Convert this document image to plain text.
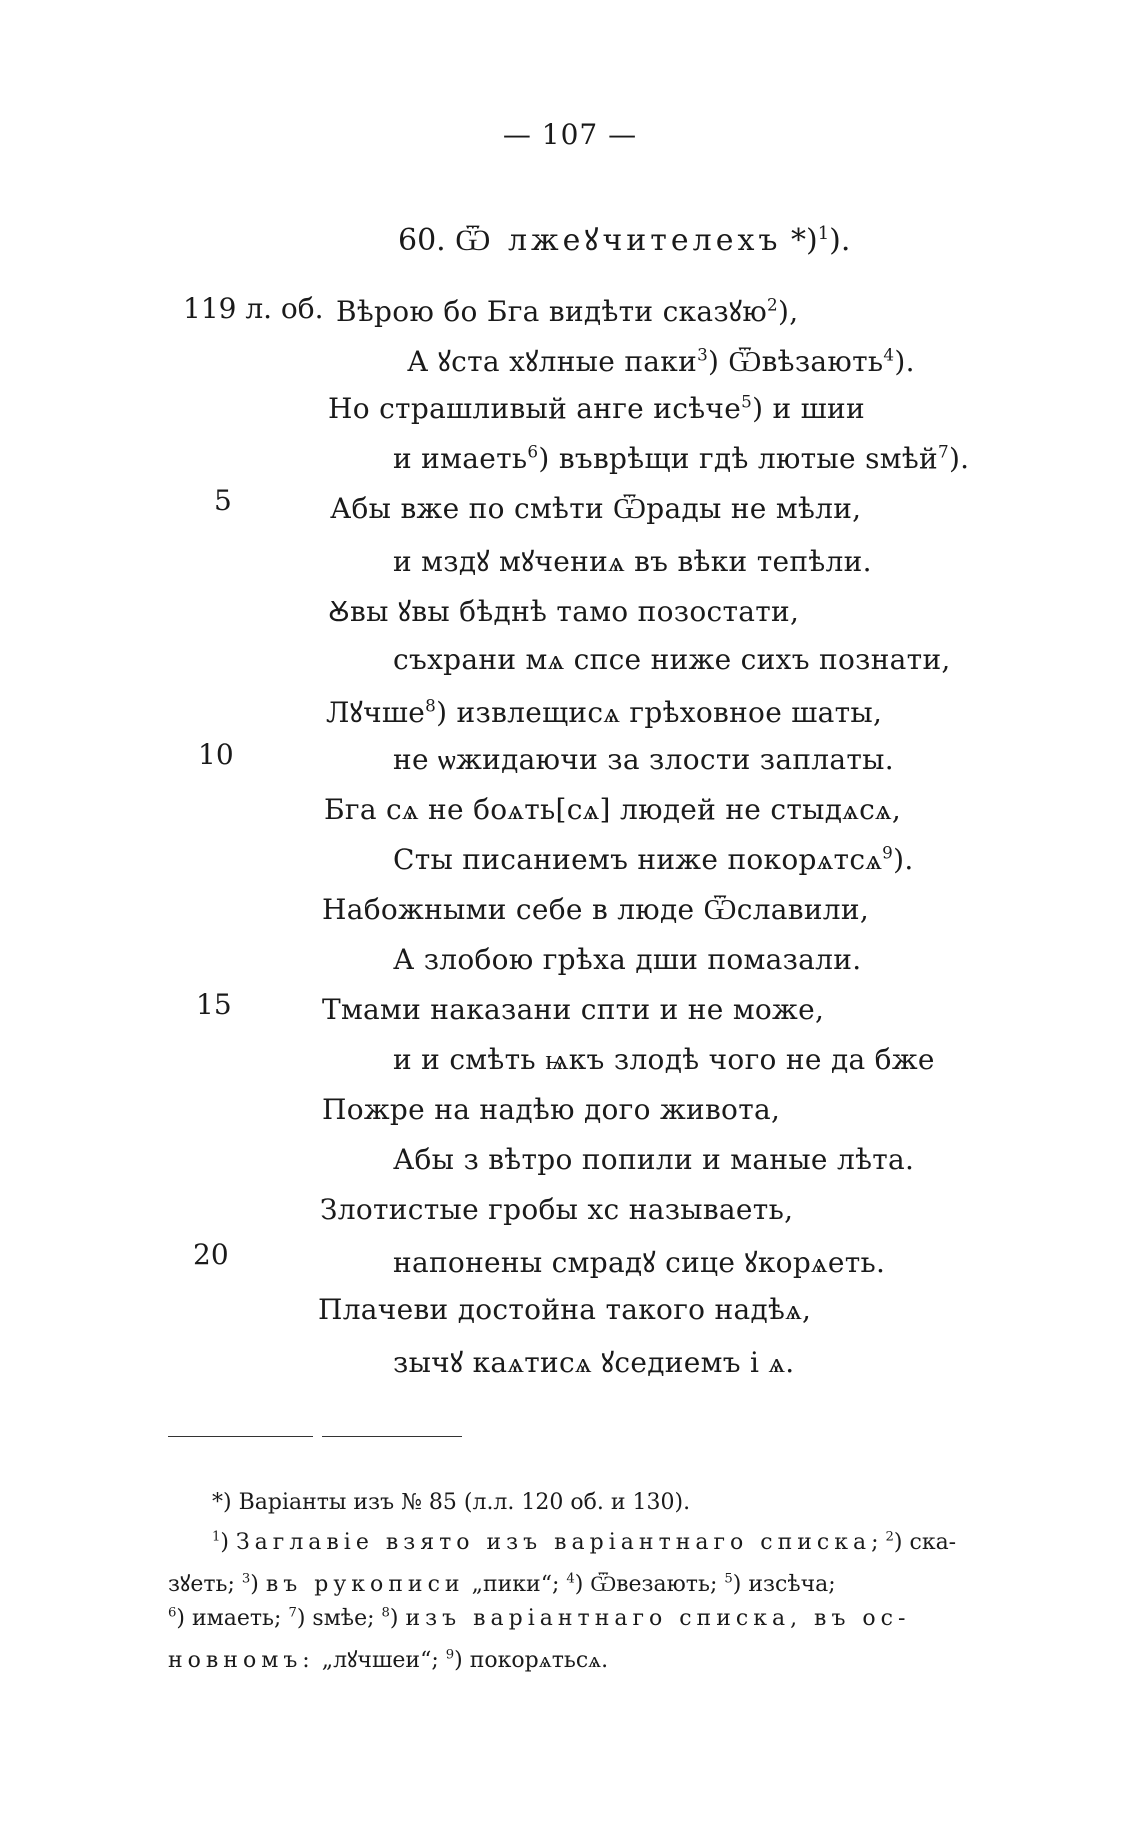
— 107 —
60. Ѿ лжеꙋчителехъ *)$^1$).
119 л. об.
5
10
15
20
Вѣрою бо Бга видѣти сказꙋю$^2$),
А ꙋста хꙋлные паки$^3$) Ѿвѣзають$^4$).
Но страшливый анге исѣче$^5$) и шии
и имаеть$^6$) въврѣщи гдѣ лютые ѕмѣй$^7$).
Абы вже по смѣти Ѿрады не мѣли,
и мздꙋ мꙋчениѧ въ вѣки тепѣли.
Ꙋвы ꙋвы бѣднѣ тамо позостати,
съхрани мѧ спсе ниже сихъ познати,
Лꙋчше$^8$) извлещисѧ грѣховное шаты,
не ѡжидаючи за злости заплаты.
Бга сѧ не боѧть[сѧ] людей не стыдѧсѧ,
Сты писаниемъ ниже покорѧтсѧ$^9$).
Набожными себе в люде Ѿславили,
А злобою грѣха дши помазали.
Тмами наказани спти и не може,
и и смѣть ѩкъ злодѣ чого не да бже
Пожре на надѣю дого живота,
Абы з вѣтро попили и маные лѣта.
Злотистые гробы хс называеть,
напонены смрадꙋ сице ꙋкорѧеть.
Плачеви достойна такого надѣѧ,
зычꙋ каѧтисѧ ꙋседиемъ і ѧ.
*) Варіанты изъ № 85 (л.л. 120 об. и 130).
$^1$) Заглавіе взято изъ варіантнаго списка; $^2$) ска-
зꙋеть; $^3$) въ рукописи „пики“; $^4$) Ѿвезають; $^5$) изсѣча;
$^6$) имаеть; $^7$) ѕмѣе; $^8$) изъ варіантнаго списка, въ ос-
новномъ: „лꙋчшеи“; $^9$) покорѧтьсѧ.
